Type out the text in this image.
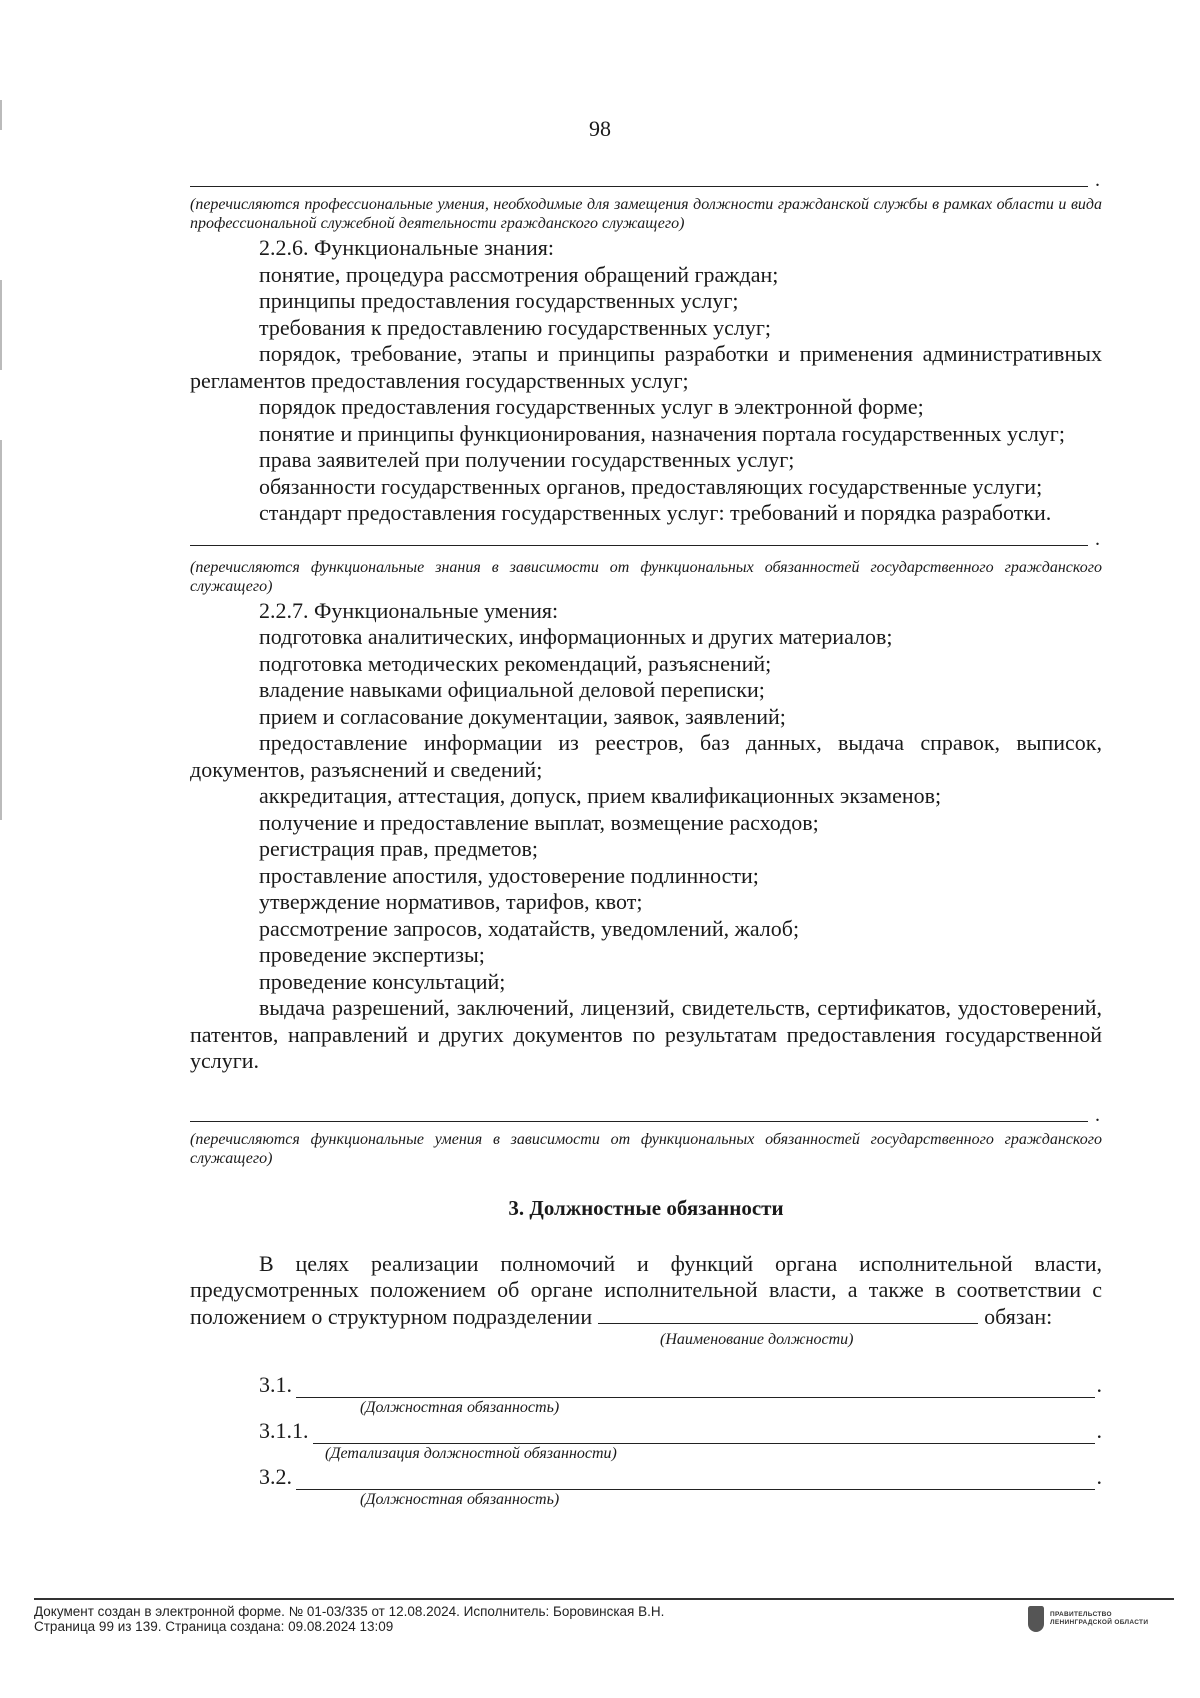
98
.
(перечисляются профессиональные умения, необходимые для замещения должности гражданской службы в рамках области и вида профессиональной служебной деятельности гражданского служащего)
2.2.6. Функциональные знания:
понятие, процедура рассмотрения обращений граждан;
принципы предоставления государственных услуг;
требования к предоставлению государственных услуг;
порядок, требование, этапы и принципы разработки и применения административных регламентов предоставления государственных услуг;
порядок предоставления государственных услуг в электронной форме;
понятие и принципы функционирования, назначения портала государственных услуг;
права заявителей при получении государственных услуг;
обязанности государственных органов, предоставляющих государственные услуги;
стандарт предоставления государственных услуг: требований и порядка разработки.
.
(перечисляются функциональные знания в зависимости от функциональных обязанностей государственного гражданского служащего)
2.2.7. Функциональные умения:
подготовка аналитических, информационных и других материалов;
подготовка методических рекомендаций, разъяснений;
владение навыками официальной деловой переписки;
прием и согласование документации, заявок, заявлений;
предоставление информации из реестров, баз данных, выдача справок, выписок, документов, разъяснений и сведений;
аккредитация, аттестация, допуск, прием квалификационных экзаменов;
получение и предоставление выплат, возмещение расходов;
регистрация прав, предметов;
проставление апостиля, удостоверение подлинности;
утверждение нормативов, тарифов, квот;
рассмотрение запросов, ходатайств, уведомлений, жалоб;
проведение экспертизы;
проведение консультаций;
выдача разрешений, заключений, лицензий, свидетельств, сертификатов, удостоверений, патентов, направлений и других документов по результатам предоставления государственной услуги.
.
(перечисляются функциональные умения в зависимости от функциональных обязанностей государственного гражданского служащего)
3. Должностные обязанности
В целях реализации полномочий и функций органа исполнительной власти, предусмотренных положением об органе исполнительной власти, а также в соответствии с положением о структурном подразделении	обязан:
(Наименование должности)
3.1.	.
(Должностная обязанность)
3.1.1.	.
(Детализация должностной обязанности)
3.2.	.
(Должностная обязанность)
Документ создан в электронной форме. № 01-03/335 от 12.08.2024. Исполнитель: Боровинская В.Н.
Страница 99 из 139. Страница создана: 09.08.2024 13:09
ПРАВИТЕЛЬСТВО ЛЕНИНГРАДСКОЙ ОБЛАСТИ
